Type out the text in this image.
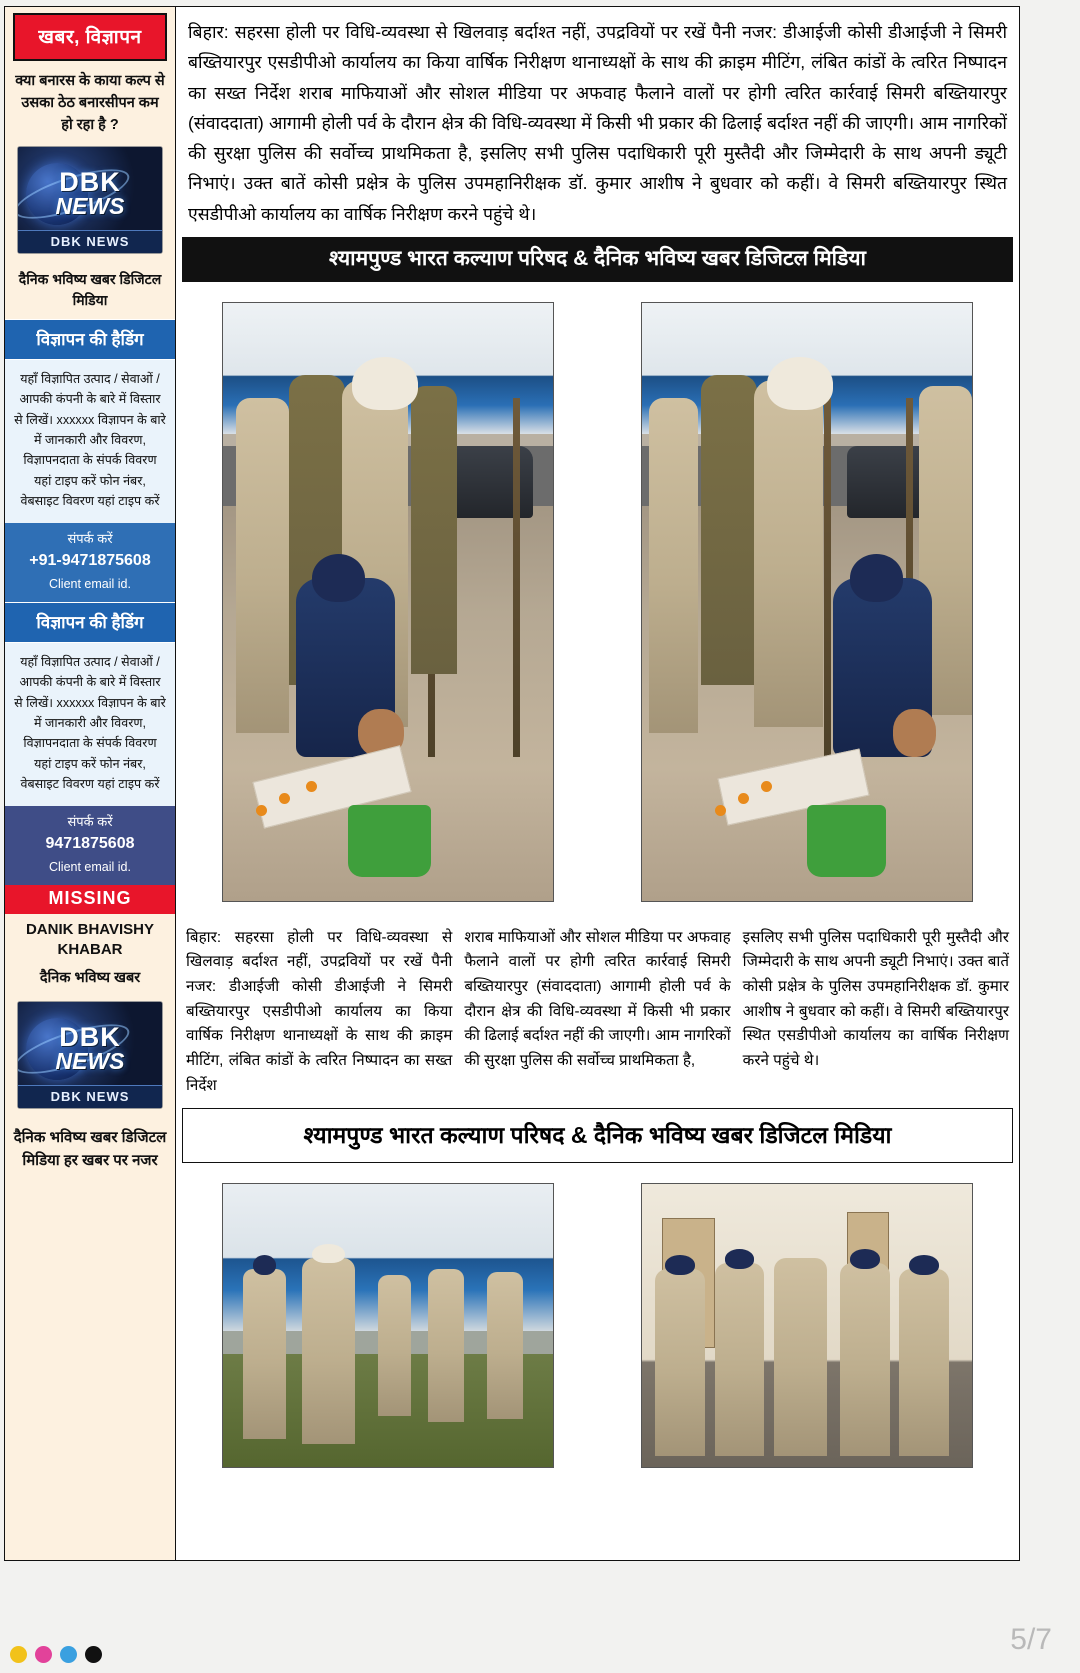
खबर, विज्ञापन
क्या बनारस के काया कल्प से उसका ठेठ बनारसीपन कम हो रहा है ?
DBK
NEWS
DBK NEWS
दैनिक भविष्य खबर डिजिटल मिडिया
विज्ञापन की हैडिंग
यहाँ विज्ञापित उत्पाद / सेवाओं / आपकी कंपनी के बारे में विस्तार से लिखें। xxxxxx विज्ञापन के बारे में जानकारी और विवरण, विज्ञापनदाता के संपर्क विवरण यहां टाइप करें फोन नंबर, वेबसाइट विवरण यहां टाइप करें
संपर्क करें
+91-9471875608
Client email id.
विज्ञापन की हैडिंग
यहाँ विज्ञापित उत्पाद / सेवाओं / आपकी कंपनी के बारे में विस्तार से लिखें। xxxxxx विज्ञापन के बारे में जानकारी और विवरण, विज्ञापनदाता के संपर्क विवरण यहां टाइप करें फोन नंबर, वेबसाइट विवरण यहां टाइप करें
संपर्क करें
9471875608
Client email id.
MISSING
DANIK BHAVISHY KHABAR
दैनिक भविष्य खबर
DBK
NEWS
DBK NEWS
दैनिक भविष्य खबर डिजिटल मिडिया हर खबर पर नजर
बिहार: सहरसा होली पर विधि-व्यवस्था से खिलवाड़ बर्दाश्त नहीं, उपद्रवियों पर रखें पैनी नजर: डीआईजी कोसी डीआईजी ने सिमरी बख्तियारपुर एसडीपीओ कार्यालय का किया वार्षिक निरीक्षण थानाध्यक्षों के साथ की क्राइम मीटिंग, लंबित कांडों के त्वरित निष्पादन का सख्त निर्देश शराब माफियाओं और सोशल मीडिया पर अफवाह फैलाने वालों पर होगी त्वरित कार्रवाई सिमरी बख्तियारपुर (संवाददाता) आगामी होली पर्व के दौरान क्षेत्र की विधि-व्यवस्था में किसी भी प्रकार की ढिलाई बर्दाश्त नहीं की जाएगी। आम नागरिकों की सुरक्षा पुलिस की सर्वोच्च प्राथमिकता है, इसलिए सभी पुलिस पदाधिकारी पूरी मुस्तैदी और जिम्मेदारी के साथ अपनी ड्यूटी निभाएं। उक्त बातें कोसी प्रक्षेत्र के पुलिस उपमहानिरीक्षक डॉ. कुमार आशीष ने बुधवार को कहीं। वे सिमरी बख्तियारपुर स्थित एसडीपीओ कार्यालय का वार्षिक निरीक्षण करने पहुंचे थे।
श्यामपुण्ड भारत कल्याण परिषद & दैनिक भविष्य खबर डिजिटल मिडिया
बिहार: सहरसा होली पर विधि-व्यवस्था से खिलवाड़ बर्दाश्त नहीं, उपद्रवियों पर रखें पैनी नजर: डीआईजी कोसी डीआईजी ने सिमरी बख्तियारपुर एसडीपीओ कार्यालय का किया वार्षिक निरीक्षण थानाध्यक्षों के साथ की क्राइम मीटिंग, लंबित कांडों के त्वरित निष्पादन का सख्त निर्देश
शराब माफियाओं और सोशल मीडिया पर अफवाह फैलाने वालों पर होगी त्वरित कार्रवाई सिमरी बख्तियारपुर (संवाददाता) आगामी होली पर्व के दौरान क्षेत्र की विधि-व्यवस्था में किसी भी प्रकार की ढिलाई बर्दाश्त नहीं की जाएगी। आम नागरिकों की सुरक्षा पुलिस की सर्वोच्च प्राथमिकता है,
इसलिए सभी पुलिस पदाधिकारी पूरी मुस्तैदी और जिम्मेदारी के साथ अपनी ड्यूटी निभाएं। उक्त बातें कोसी प्रक्षेत्र के पुलिस उपमहानिरीक्षक डॉ. कुमार आशीष ने बुधवार को कहीं। वे सिमरी बख्तियारपुर स्थित एसडीपीओ कार्यालय का वार्षिक निरीक्षण करने पहुंचे थे।
श्यामपुण्ड भारत कल्याण परिषद & दैनिक भविष्य खबर डिजिटल मिडिया
5/7
